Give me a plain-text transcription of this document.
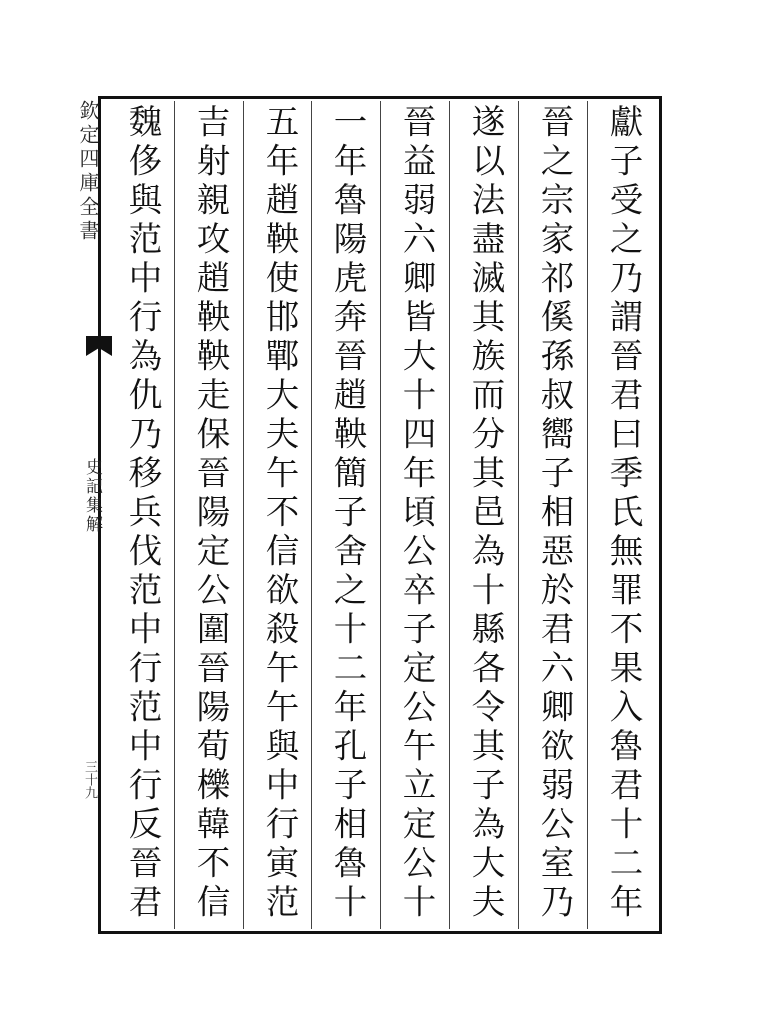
欽定四庫全書
史記集解
三十九	獻子受之乃謂晉君曰季氏無罪不果入魯君十二年
晉之宗家祁傒孫叔嚮子相惡於君六卿欲弱公室乃
遂以法盡滅其族而分其邑為十縣各令其子為大夫
晉益弱六卿皆大十四年頃公卒子定公午立定公十
一年魯陽虎奔晉趙鞅簡子舍之十二年孔子相魯十
五年趙鞅使邯鄲大夫午不信欲殺午午與中行寅范
吉射親攻趙鞅鞅走保晉陽定公圍晉陽荀櫟韓不信
魏侈與范中行為仇乃移兵伐范中行范中行反晉君
